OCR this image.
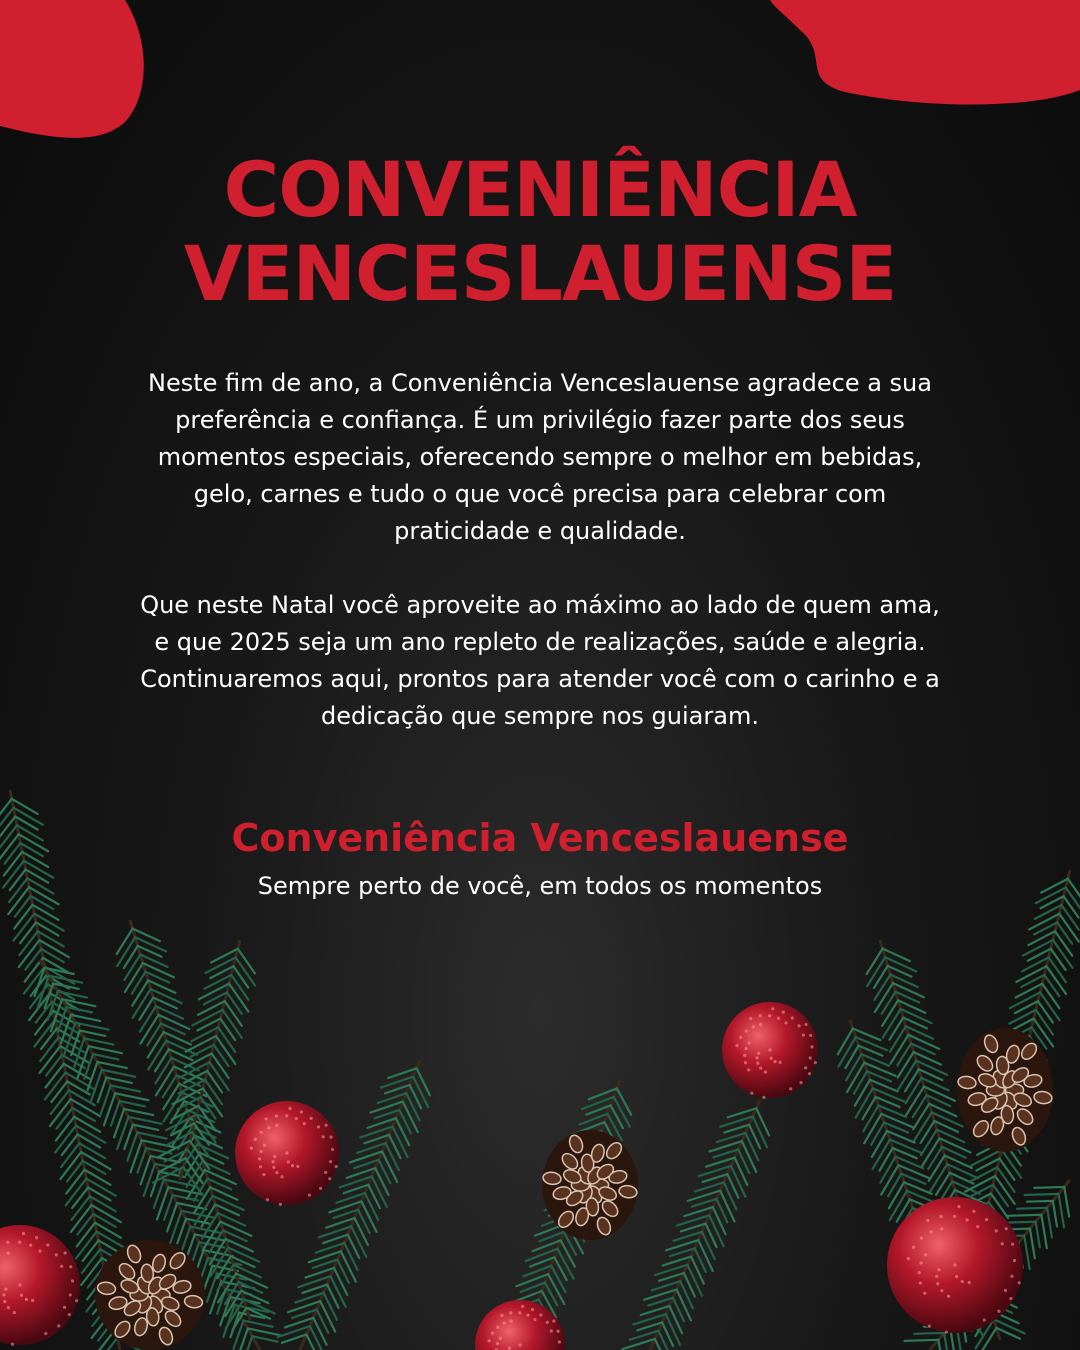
CONVENIÊNCIA
VENCESLAUENSE

Neste fim de ano, a Conveniência Venceslauense agradece a sua preferência e confiança. É um privilégio fazer parte dos seus momentos especiais, oferecendo sempre o melhor em bebidas, gelo, carnes e tudo o que você precisa para celebrar com praticidade e qualidade.

Que neste Natal você aproveite ao máximo ao lado de quem ama, e que 2025 seja um ano repleto de realizações, saúde e alegria. Continuaremos aqui, prontos para atender você com o carinho e a dedicação que sempre nos guiaram.

Conveniência Venceslauense

Sempre perto de você, em todos os momentos
